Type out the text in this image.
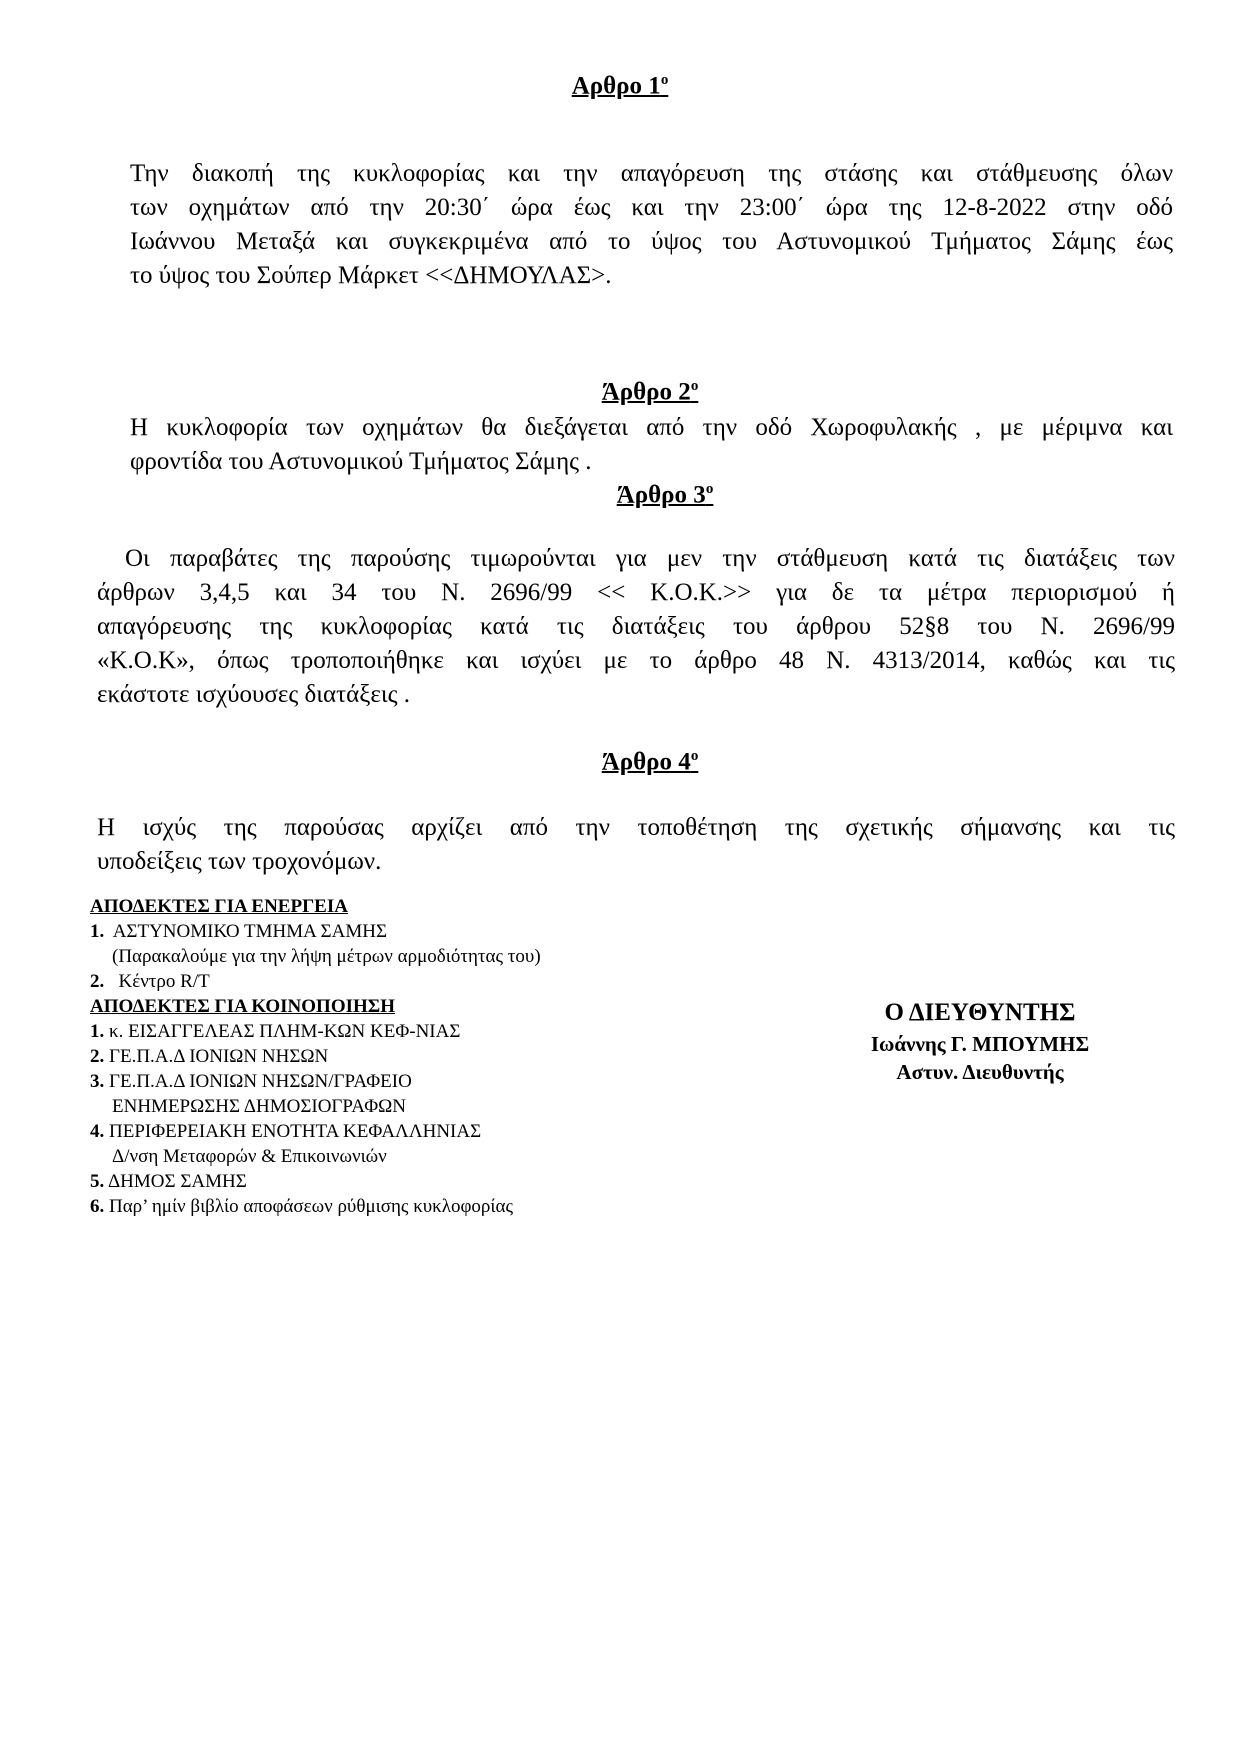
Αρθρο $1^o$
Την διακοπή της κυκλοφορίας και την απαγόρευση της στάσης και στάθμευσης όλων
των οχημάτων από την 20:30΄ ώρα έως και την 23:00΄ ώρα της 12-8-2022 στην οδό
Ιωάννου Μεταξά και συγκεκριμένα από το ύψος του Αστυνομικού Τμήματος Σάμης έως
το ύψος του Σούπερ Μάρκετ <<ΔΗΜΟΥΛΑΣ>.
Άρθρο $2^o$
Η κυκλοφορία των οχημάτων θα διεξάγεται από την οδό Χωροφυλακής , με μέριμνα και
φροντίδα του Αστυνομικού Τμήματος Σάμης .
Άρθρο $3^o$
Οι παραβάτες της παρούσης τιμωρούνται για μεν την στάθμευση κατά τις διατάξεις των
άρθρων 3,4,5 και 34 του Ν. 2696/99 << Κ.Ο.Κ.>> για δε τα μέτρα περιορισμού ή
απαγόρευσης της κυκλοφορίας κατά τις διατάξεις του άρθρου 52§8 του Ν. 2696/99
«Κ.Ο.Κ», όπως τροποποιήθηκε και ισχύει με το άρθρο 48 Ν. 4313/2014, καθώς και τις
εκάστοτε ισχύουσες διατάξεις .
Άρθρο $4^o$
Η ισχύς της παρούσας αρχίζει από την τοποθέτηση της σχετικής σήμανσης και τις
υποδείξεις των τροχονόμων.
ΑΠΟΔΕΚΤΕΣ ΓΙΑ ΕΝΕΡΓΕΙΑ
1. ΑΣΤΥΝΟΜΙΚΟ ΤΜΗΜΑ ΣΑΜΗΣ
(Παρακαλούμε για την λήψη μέτρων αρμοδιότητας του)
2. Κέντρο R/T
ΑΠΟΔΕΚΤΕΣ ΓΙΑ ΚΟΙΝΟΠΟΙΗΣΗ
1. κ. ΕΙΣΑΓΓΕΛΕΑΣ ΠΛΗΜ-ΚΩΝ ΚΕΦ-ΝΙΑΣ
2. ΓΕ.Π.Α.Δ ΙΟΝΙΩΝ ΝΗΣΩΝ
3. ΓΕ.Π.Α.Δ ΙΟΝΙΩΝ ΝΗΣΩΝ/ΓΡΑΦΕΙΟ
ΕΝΗΜΕΡΩΣΗΣ ΔΗΜΟΣΙΟΓΡΑΦΩΝ
4. ΠΕΡΙΦΕΡΕΙΑΚΗ ΕΝΟΤΗΤΑ ΚΕΦΑΛΛΗΝΙΑΣ
Δ/νση Μεταφορών & Επικοινωνιών
5. ΔΗΜΟΣ ΣΑΜΗΣ
6. Παρ’ ημίν βιβλίο αποφάσεων ρύθμισης κυκλοφορίας
Ο ΔΙΕΥΘΥΝΤΗΣ
Ιωάννης Γ. ΜΠΟΥΜΗΣ
Αστυν. Διευθυντής
